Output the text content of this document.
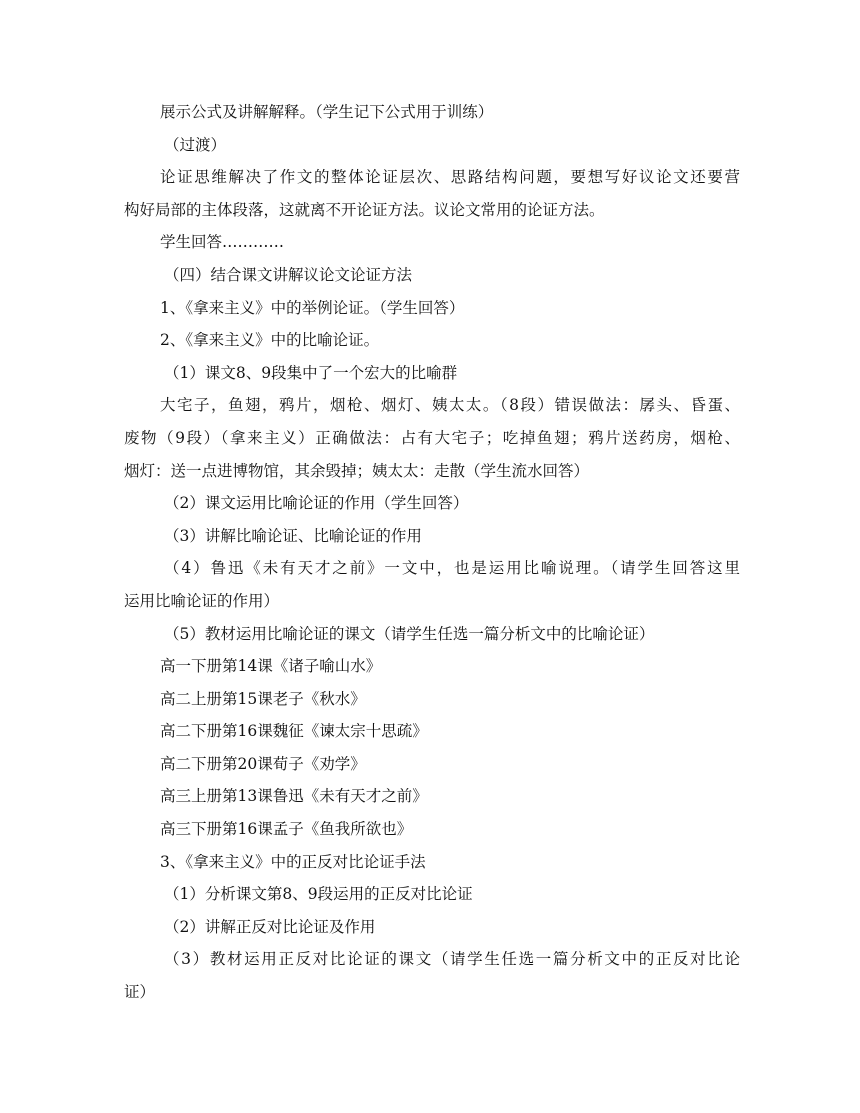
展示公式及讲解解释。（学生记下公式用于训练）
（过渡）
论证思维解决了作文的整体论证层次、思路结构问题，要想写好议论文还要营
构好局部的主体段落，这就离不开论证方法。议论文常用的论证方法。
学生回答…………
（四）结合课文讲解议论文论证方法
1、《拿来主义》中的举例论证。（学生回答）
2、《拿来主义》中的比喻论证。
（1）课文8、9段集中了一个宏大的比喻群
大宅子，鱼翅，鸦片，烟枪、烟灯、姨太太。（8段）错误做法：孱头、昏蛋、
废物（9段）（拿来主义）正确做法：占有大宅子；吃掉鱼翅；鸦片送药房，烟枪、
烟灯：送一点进博物馆，其余毁掉；姨太太：走散（学生流水回答）
（2）课文运用比喻论证的作用（学生回答）
（3）讲解比喻论证、比喻论证的作用
（4）鲁迅《未有天才之前》一文中，也是运用比喻说理。（请学生回答这里
运用比喻论证的作用）
（5）教材运用比喻论证的课文（请学生任选一篇分析文中的比喻论证）
高一下册第14课《诸子喻山水》
高二上册第15课老子《秋水》
高二下册第16课魏征《谏太宗十思疏》
高二下册第20课荀子《劝学》
高三上册第13课鲁迅《未有天才之前》
高三下册第16课孟子《鱼我所欲也》
3、《拿来主义》中的正反对比论证手法
（1）分析课文第8、9段运用的正反对比论证
（2）讲解正反对比论证及作用
（3）教材运用正反对比论证的课文（请学生任选一篇分析文中的正反对比论
证）
